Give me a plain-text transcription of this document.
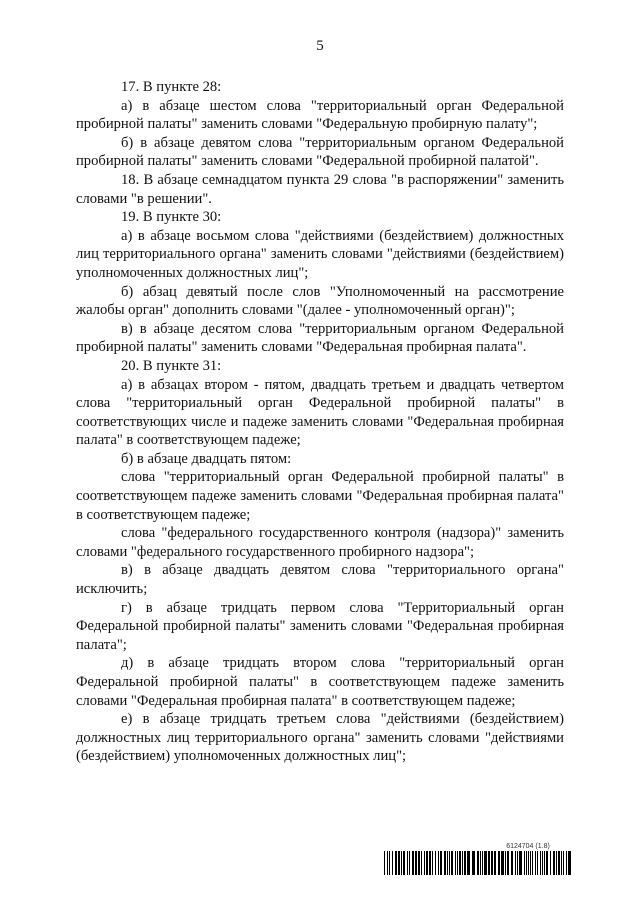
5

17. В пункте 28:

а) в абзаце шестом слова "территориальный орган Федеральной пробирной палаты" заменить словами "Федеральную пробирную палату";

б) в абзаце девятом слова "территориальным органом Федеральной пробирной палаты" заменить словами "Федеральной пробирной палатой".

18. В абзаце семнадцатом пункта 29 слова "в распоряжении" заменить словами "в решении".

19. В пункте 30:

а) в абзаце восьмом слова "действиями (бездействием) должностных лиц территориального органа" заменить словами "действиями (бездействием) уполномоченных должностных лиц";

б) абзац девятый после слов "Уполномоченный на рассмотрение жалобы орган" дополнить словами "(далее - уполномоченный орган)";

в) в абзаце десятом слова "территориальным органом Федеральной пробирной палаты" заменить словами "Федеральная пробирная палата".

20. В пункте 31:

а) в абзацах втором - пятом, двадцать третьем и двадцать четвертом слова "территориальный орган Федеральной пробирной палаты" в соответствующих числе и падеже заменить словами "Федеральная пробирная палата" в соответствующем падеже;

б) в абзаце двадцать пятом:

слова "территориальный орган Федеральной пробирной палаты" в соответствующем падеже заменить словами "Федеральная пробирная палата" в соответствующем падеже;

слова "федерального государственного контроля (надзора)" заменить словами "федерального государственного пробирного надзора";

в) в абзаце двадцать девятом слова "территориального органа" исключить;

г) в абзаце тридцать первом слова "Территориальный орган Федеральной пробирной палаты" заменить словами "Федеральная пробирная палата";

д) в абзаце тридцать втором слова "территориальный орган Федеральной пробирной палаты" в соответствующем падеже заменить словами "Федеральная пробирная палата" в соответствующем падеже;

е) в абзаце тридцать третьем слова "действиями (бездействием) должностных лиц территориального органа" заменить словами "действиями (бездействием) уполномоченных должностных лиц";

6124704 (1.8)
